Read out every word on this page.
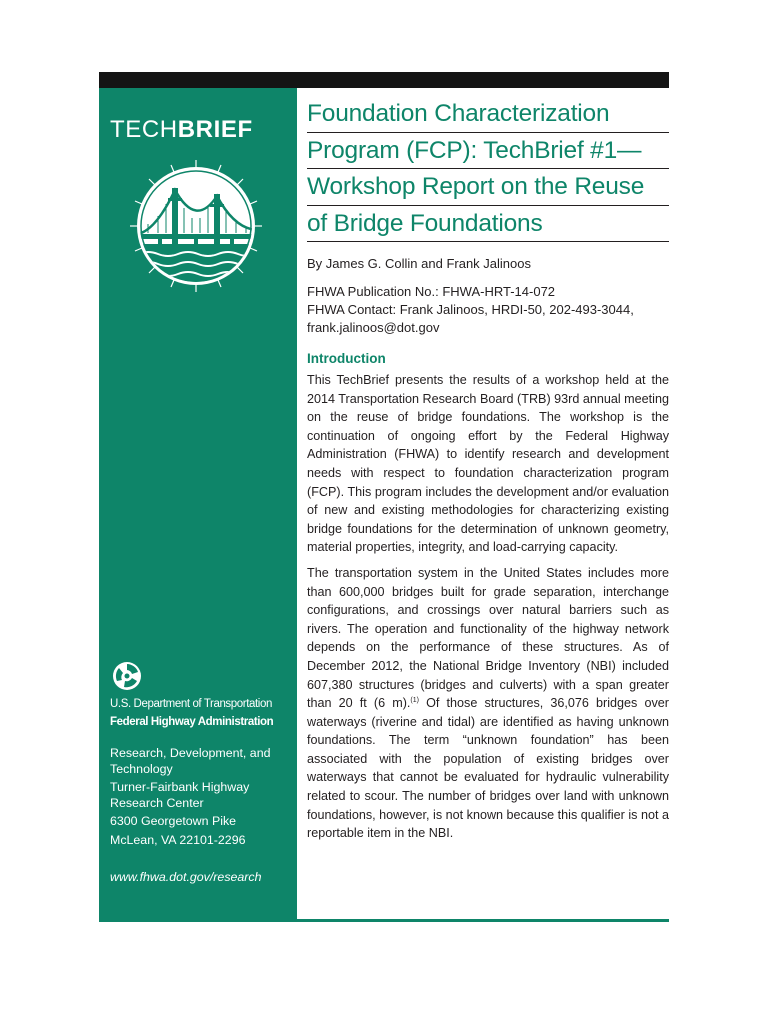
TECHBRIEF
U.S. Department of Transportation
Federal Highway Administration

Research, Development, and Technology

Turner-Fairbank Highway Research Center

6300 Georgetown Pike

McLean, VA 22101-2296

www.fhwa.dot.gov/research
Foundation Characterization
Program (FCP): TechBrief #1—
Workshop Report on the Reuse
of Bridge Foundations
By James G. Collin and Frank Jalinoos
FHWA Publication No.: FHWA-HRT-14-072
FHWA Contact: Frank Jalinoos, HRDI-50, 202-493-3044,
frank.jalinoos@dot.gov
Introduction

This TechBrief presents the results of a workshop held at the 2014 Transportation Research Board (TRB) 93rd annual meeting on the reuse of bridge foundations. The workshop is the continuation of ongoing effort by the Federal Highway Administration (FHWA) to identify research and development needs with respect to foundation characterization program (FCP). This program includes the development and/or evaluation of new and existing methodologies for characterizing existing bridge foundations for the determination of unknown geometry, material properties, integrity, and load-carrying capacity.

The transportation system in the United States includes more than 600,000 bridges built for grade separation, interchange configurations, and crossings over natural barriers such as rivers. The operation and functionality of the highway network depends on the performance of these structures. As of December 2012, the National Bridge Inventory (NBI) included 607,380 structures (bridges and culverts) with a span greater than 20 ft (6 m).$^{(1)}$ Of those structures, 36,076 bridges over waterways (riverine and tidal) are identified as having unknown foundations. The term “unknown foundation” has been associated with the population of existing bridges over waterways that cannot be evaluated for hydraulic vulnerability related to scour. The number of bridges over land with unknown foundations, however, is not known because this qualifier is not a reportable item in the NBI.
